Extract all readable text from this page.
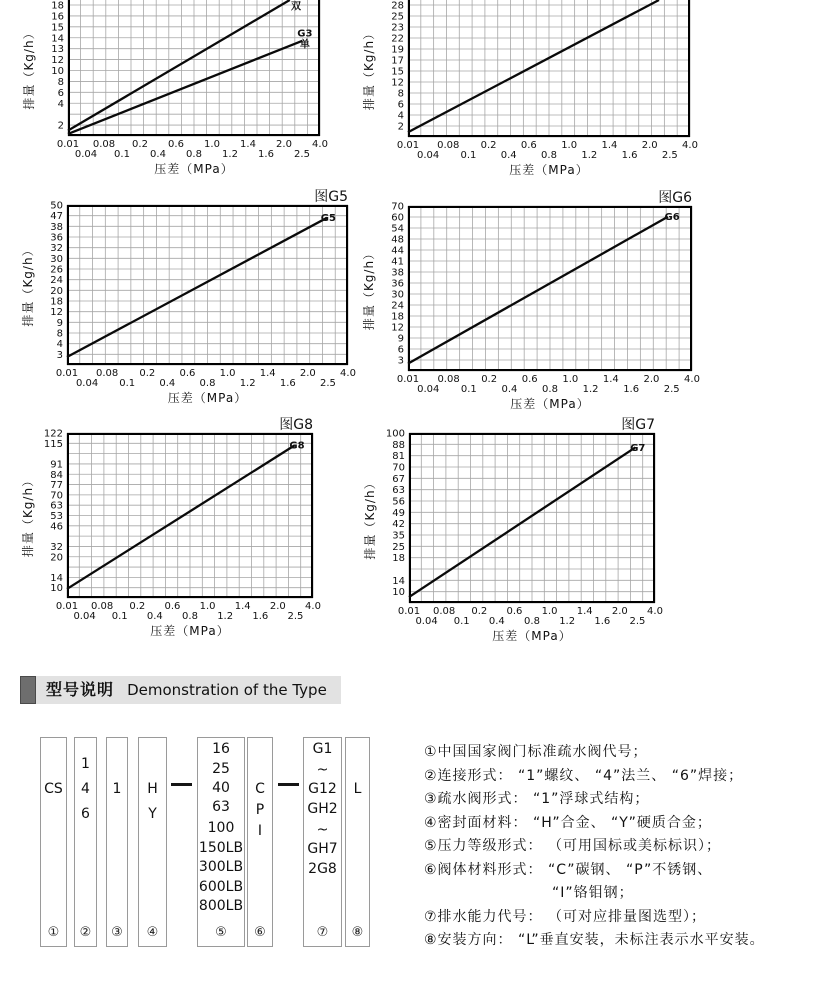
18
16
15
14
13
12
10
8
6
4
2
双
G3 单
0.01
0.04
0.08
0.1
0.2
0.4
0.6
0.8
1.0
1.2
1.4
1.6
2.0
2.5
4.0
压差（MPa）
排量（Kg/h）
28
25
23
22
19
17
15
12
8
6
4
2
0.01
0.04
0.08
0.1
0.2
0.4
0.6
0.8
1.0
1.2
1.4
1.6
2.0
2.5
4.0
压差（MPa）
排量（Kg/h）
图G5
50
47
38
36
32
30
26
24
20
18
12
9
8
4
3
G5
0.01
0.04
0.08
0.1
0.2
0.4
0.6
0.8
1.0
1.2
1.4
1.6
2.0
2.5
4.0
压差（MPa）
排量（Kg/h）
图G6
70
60
54
48
44
41
38
36
30
24
18
12
9
6
3
G6
0.01
0.04
0.08
0.1
0.2
0.4
0.6
0.8
1.0
1.2
1.4
1.6
2.0
2.5
4.0
压差（MPa）
排量（Kg/h）
图G8
122
115
91
84
77
70
63
53
46
32
20
14
10
G8
0.01
0.04
0.08
0.1
0.2
0.4
0.6
0.8
1.0
1.2
1.4
1.6
2.0
2.5
4.0
压差（MPa）
排量（Kg/h）
图G7
100
88
81
70
67
63
56
49
42
35
25
18
14
10
G7
0.01
0.04
0.08
0.1
0.2
0.4
0.6
0.8
1.0
1.2
1.4
1.6
2.0
2.5
4.0
压差（MPa）
排量（Kg/h）
型号说明 Demonstration of the Type
CS
①
1
4
6
②
1
③
H
Y
④
16
25
40
63
100
150LB
300LB
600LB
800LB
⑤
C
P
I
⑥
G1
~
G12
GH2
~
GH7
2G8
⑦
L
⑧
①中国国家阀门标准疏水阀代号；
②连接形式： “1”螺纹、 “4”法兰、 “6”焊接；
③疏水阀形式： “1”浮球式结构；
④密封面材料： “H”合金、 “Y”硬质合金；
⑤压力等级形式： （可用国标或美标标识）；
⑥阀体材料形式： “C”碳钢、 “P”不锈钢、
“I”铬钼钢；
⑦排水能力代号： （可对应排量图选型）；
⑧安装方向： “L”垂直安装，未标注表示水平安装。
